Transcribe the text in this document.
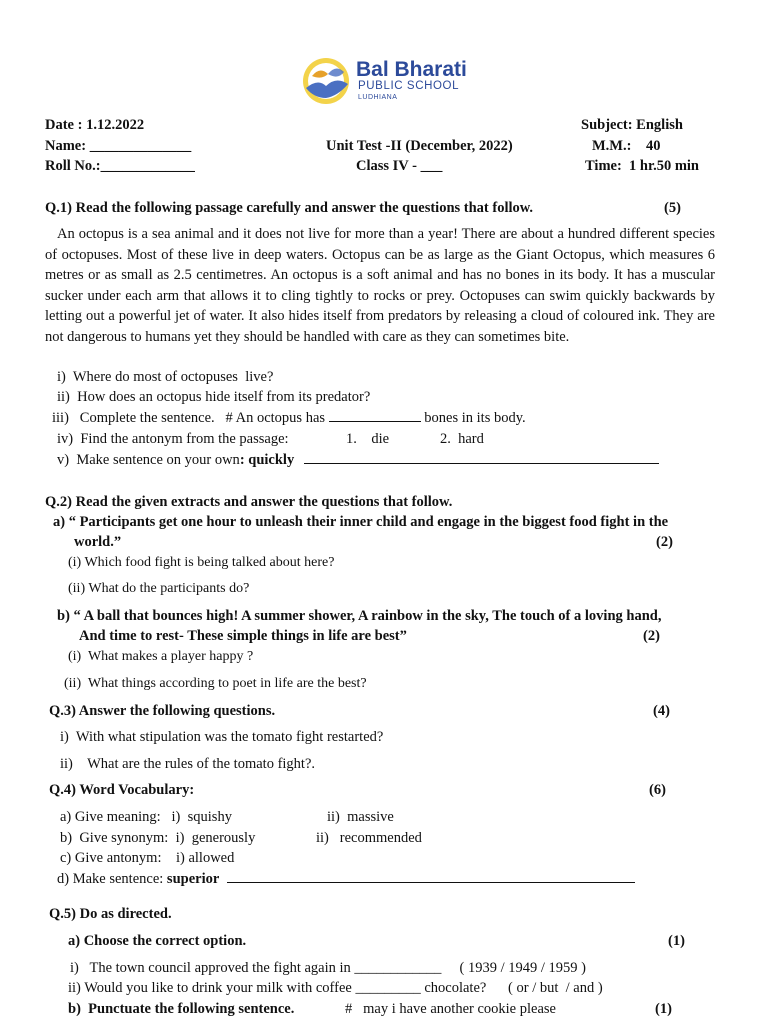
Bal Bharati
PUBLIC SCHOOL
LUDHIANA
Date : 1.12.2022
Name: ______________
Roll No.:_____________
Unit Test -II (December, 2022)
Class IV - ___
Subject: English
M.M.:    40
Time:  1 hr.50 min
Q.1) Read the following passage carefully and answer the questions that follow.	(5)
An octopus is a sea animal and it does not live for more than a year! There are about a hundred different species of octopuses. Most of these live in deep waters. Octopus can be as large as the Giant Octopus, which measures 6 metres or as small as 2.5 centimetres. An octopus is a soft animal and has no bones in its body. It has a muscular sucker under each arm that allows it to cling tightly to rocks or prey. Octopuses can swim quickly backwards by letting out a powerful jet of water. It also hides itself from predators by releasing a cloud of coloured ink. They are not dangerous to humans yet they should be handled with care as they can sometimes bite.
i)  Where do most of octopuses  live?
ii)  How does an octopus hide itself from its predator?
iii)   Complete the sentence.   # An octopus has	bones in its body.
iv)  Find the antonym from the passage:	1.    die	2.  hard
v)  Make sentence on your own: quickly
Q.2) Read the given extracts and answer the questions that follow.
a) “ Participants get one hour to unleash their inner child and engage in the biggest food fight in the
world.”	(2)
(i) Which food fight is being talked about here?
(ii) What do the participants do?
b) “ A ball that bounces high! A summer shower, A rainbow in the sky, The touch of a loving hand,
And time to rest- These simple things in life are best”	(2)
(i)  What makes a player happy ?
(ii)  What things according to poet in life are the best?
Q.3) Answer the following questions.	(4)
i)  With what stipulation was the tomato fight restarted?
ii)    What are the rules of the tomato fight?.
Q.4) Word Vocabulary:	(6)
a) Give meaning:   i)  squishy	ii)  massive
b)  Give synonym:  i)  generously	ii)   recommended
c) Give antonym:    i) allowed
d) Make sentence: superior
Q.5) Do as directed.
a) Choose the correct option.	(1)
i)   The town council approved the fight again in ____________     ( 1939 / 1949 / 1959 )
ii) Would you like to drink your milk with coffee _________ chocolate?      ( or / but  / and )
b)  Punctuate the following sentence.	#   may i have another cookie please	(1)
